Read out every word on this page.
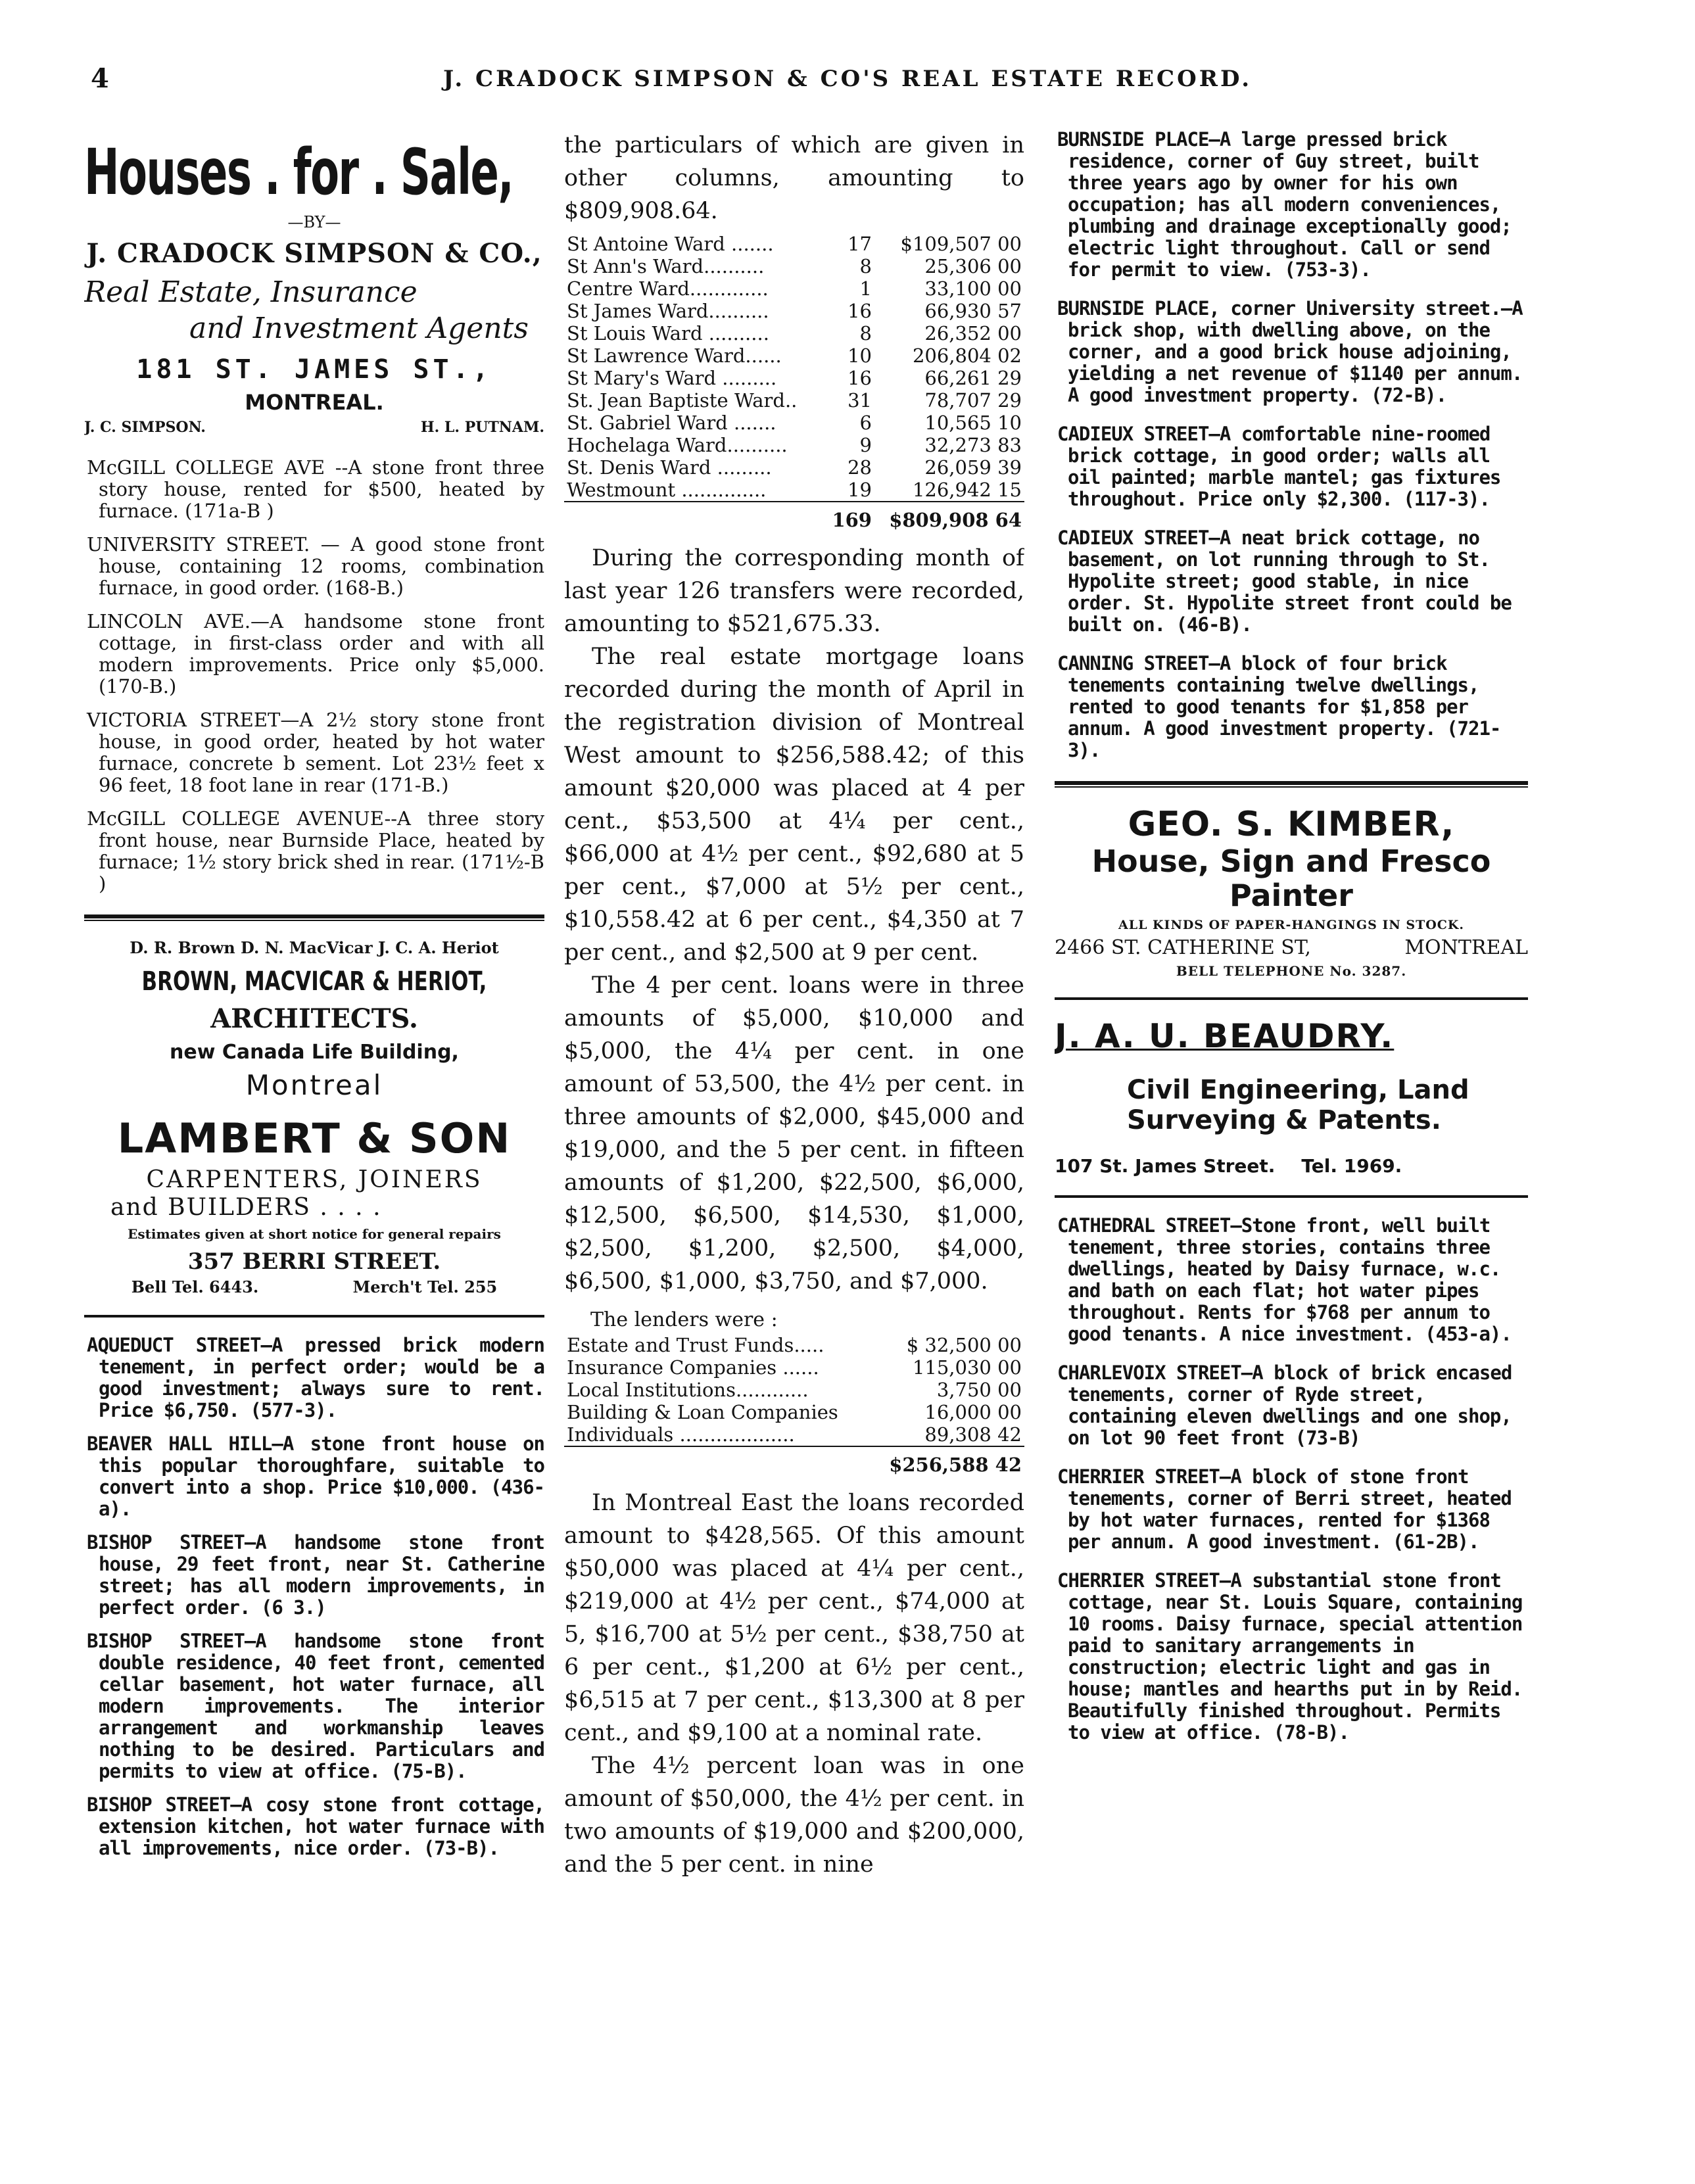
4	J. CRADOCK SIMPSON & CO'S REAL ESTATE RECORD.
Houses . for . Sale,
—BY—
J. CRADOCK SIMPSON & CO.,
Real Estate, Insurance
and Investment Agents
181 ST. JAMES ST.,
MONTREAL.
J. C. SIMPSON.	H. L. PUTNAM.

McGILL COLLEGE AVE --A stone front three story house, rented for $500, heated by furnace. (171a-B )

UNIVERSITY STREET. — A good stone front house, containing 12 rooms, combination furnace, in good order. (168-B.)

LINCOLN AVE.—A handsome stone front cottage, in first-class order and with all modern improvements. Price only $5,000. (170-B.)

VICTORIA STREET—A 2½ story stone front house, in good order, heated by hot water furnace, concrete b sement. Lot 23½ feet x 96 feet, 18 foot lane in rear (171-B.)

McGILL COLLEGE AVENUE--A three story front house, near Burnside Place, heated by furnace; 1½ story brick shed in rear. (171½-B )

D. R. Brown D. N. MacVicar J. C. A. Heriot
BROWN, MACVICAR & HERIOT,
ARCHITECTS.
new Canada Life Building,
Montreal
LAMBERT & SON
CARPENTERS, JOINERS
and BUILDERS . . . .
Estimates given at short notice for general repairs
357 BERRI STREET.
Bell Tel. 6443.	Merch't Tel. 255

AQUEDUCT STREET—A pressed brick modern tenement, in perfect order; would be a good investment; always sure to rent. Price $6,750. (577-3).

BEAVER HALL HILL—A stone front house on this popular thoroughfare, suitable to convert into a shop. Price $10,000. (436-a).

BISHOP STREET—A handsome stone front house, 29 feet front, near St. Catherine street; has all modern improvements, in perfect order. (6 3.)

BISHOP STREET—A handsome stone front double residence, 40 feet front, cemented cellar basement, hot water furnace, all modern improvements. The interior arrangement and workmanship leaves nothing to be desired. Particulars and permits to view at office. (75-B).

BISHOP STREET—A cosy stone front cottage, extension kitchen, hot water furnace with all improvements, nice order. (73-B).

the particulars of which are given in other columns, amounting to $809,908.64.

St Antoine Ward .......	17	$109,507 00
St Ann's Ward..........	8	25,306 00
Centre Ward.............	1	33,100 00
St James Ward..........	16	66,930 57
St Louis Ward ..........	8	26,352 00
St Lawrence Ward......	10	206,804 02
St Mary's Ward .........	16	66,261 29
St. Jean Baptiste Ward..	31	78,707 29
St. Gabriel Ward .......	6	10,565 10
Hochelaga Ward..........	9	32,273 83
St. Denis Ward .........	28	26,059 39
Westmount ..............	19	126,942 15
	169	$809,908 64

During the corresponding month of last year 126 transfers were recorded, amounting to $521,675.33.

The real estate mortgage loans recorded during the month of April in the registration division of Montreal West amount to $256,588.42; of this amount $20,000 was placed at 4 per cent., $53,500 at 4¼ per cent., $66,000 at 4½ per cent., $92,680 at 5 per cent., $7,000 at 5½ per cent., $10,558.42 at 6 per cent., $4,350 at 7 per cent., and $2,500 at 9 per cent.

The 4 per cent. loans were in three amounts of $5,000, $10,000 and $5,000, the 4¼ per cent. in one amount of 53,500, the 4½ per cent. in three amounts of $2,000, $45,000 and $19,000, and the 5 per cent. in fifteen amounts of $1,200, $22,500, $6,000, $12,500, $6,500, $14,530, $1,000, $2,500, $1,200, $2,500, $4,000, $6,500, $1,000, $3,750, and $7,000.

The lenders were :
Estate and Trust Funds.....	$ 32,500 00
Insurance Companies ......	115,030 00
Local Institutions............	3,750 00
Building & Loan Companies	16,000 00
Individuals ...................	89,308 42
	$256,588 42

In Montreal East the loans recorded amount to $428,565. Of this amount $50,000 was placed at 4¼ per cent., $219,000 at 4½ per cent., $74,000 at 5, $16,700 at 5½ per cent., $38,750 at 6 per cent., $1,200 at 6½ per cent., $6,515 at 7 per cent., $13,300 at 8 per cent., and $9,100 at a nominal rate.

The 4½ percent loan was in one amount of $50,000, the 4½ per cent. in two amounts of $19,000 and $200,000, and the 5 per cent. in nine

BURNSIDE PLACE—A large pressed brick residence, corner of Guy street, built three years ago by owner for his own occupation; has all modern conveniences, plumbing and drainage exceptionally good; electric light throughout. Call or send for permit to view. (753-3).

BURNSIDE PLACE, corner University street.—A brick shop, with dwelling above, on the corner, and a good brick house adjoining, yielding a net revenue of $1140 per annum. A good investment property. (72-B).

CADIEUX STREET—A comfortable nine-roomed brick cottage, in good order; walls all oil painted; marble mantel; gas fixtures throughout. Price only $2,300. (117-3).

CADIEUX STREET—A neat brick cottage, no basement, on lot running through to St. Hypolite street; good stable, in nice order. St. Hypolite street front could be built on. (46-B).

CANNING STREET—A block of four brick tenements containing twelve dwellings, rented to good tenants for $1,858 per annum. A good investment property. (721-3).

GEO. S. KIMBER,
House, Sign and Fresco
Painter
ALL KINDS OF PAPER-HANGINGS IN STOCK.
2466 ST. CATHERINE ST,	MONTREAL
BELL TELEPHONE No. 3287.
J. A. U. BEAUDRY.
Civil Engineering, Land
Surveying & Patents.
107 St. James Street. Tel. 1969.

CATHEDRAL STREET—Stone front, well built tenement, three stories, contains three dwellings, heated by Daisy furnace, w.c. and bath on each flat; hot water pipes throughout. Rents for $768 per annum to good tenants. A nice investment. (453-a).

CHARLEVOIX STREET—A block of brick encased tenements, corner of Ryde street, containing eleven dwellings and one shop, on lot 90 feet front (73-B)

CHERRIER STREET—A block of stone front tenements, corner of Berri street, heated by hot water furnaces, rented for $1368 per annum. A good investment. (61-2B).

CHERRIER STREET—A substantial stone front cottage, near St. Louis Square, containing 10 rooms. Daisy furnace, special attention paid to sanitary arrangements in construction; electric light and gas in house; mantles and hearths put in by Reid. Beautifully finished throughout. Permits to view at office. (78-B).
